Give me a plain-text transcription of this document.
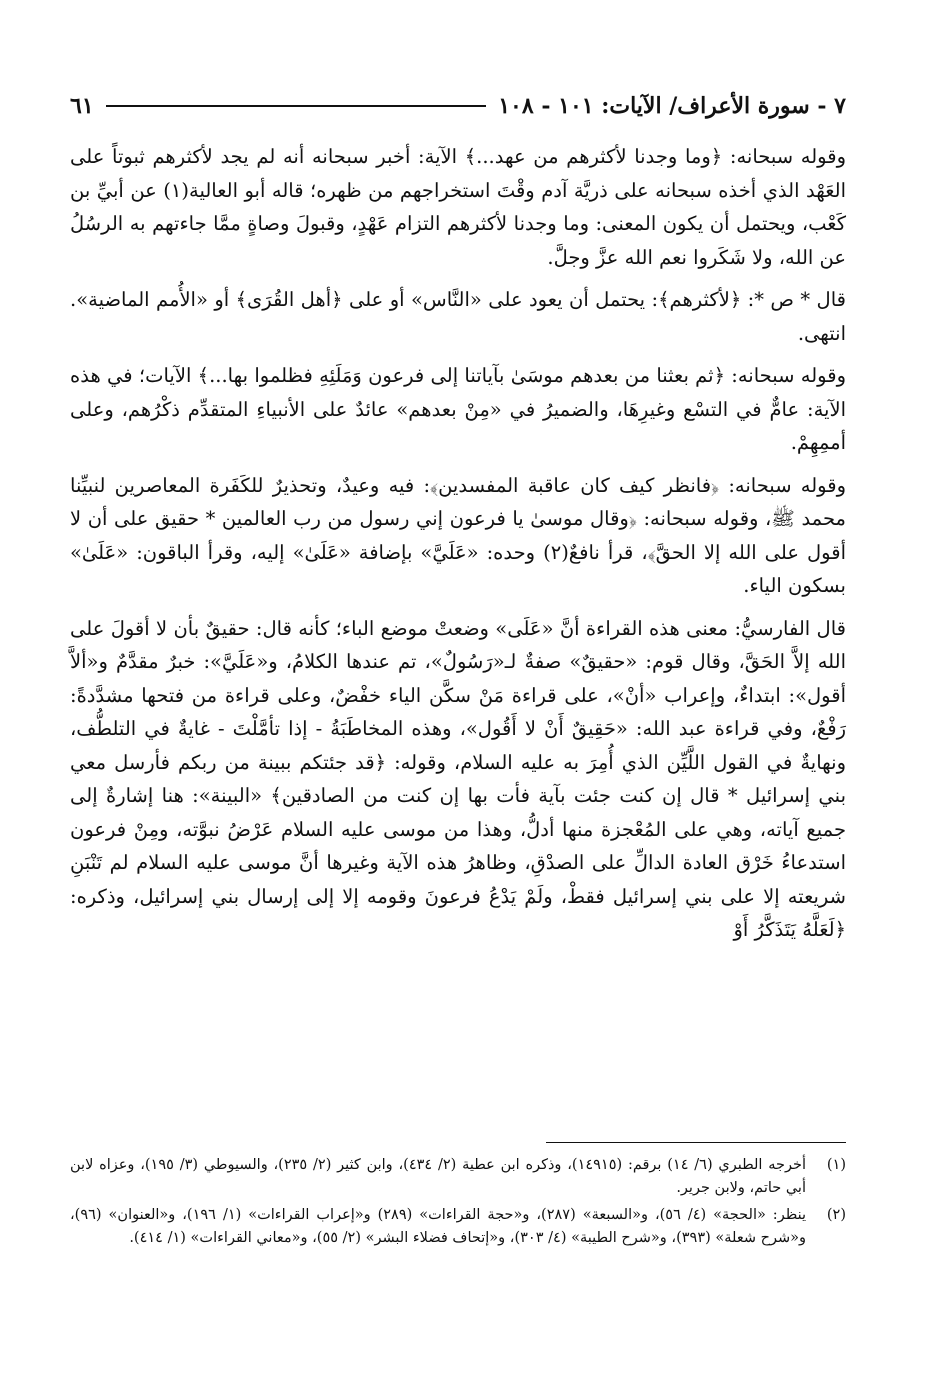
٧ - سورة الأعراف/ الآيات: ١٠١ - ١٠٨
٦١

وقوله سبحانه: ﴿وما وجدنا لأكثرهم من عهد...﴾ الآية: أخبر سبحانه أنه لم يجد لأكثرهم ثبوتاً على العَهْد الذي أخذه سبحانه على ذريَّة آدم وقْتَ استخراجهم من ظهره؛ قاله أبو العالية(١) عن أبيِّ بن كَعْب، ويحتمل أن يكون المعنى: وما وجدنا لأكثرهم التزام عَهْدٍ، وقبولَ وصاةٍ ممَّا جاءتهم به الرسُلُ عن الله، ولا شَكَروا نعم الله عزَّ وجلَّ.

قال * ص *: ﴿لأكثرهم﴾: يحتمل أن يعود على «النَّاس» أو على ﴿أهل القُرَى﴾ أو «الأُمم الماضية». انتهى.

وقوله سبحانه: ﴿ثم بعثنا من بعدهم موسَىٰ بآياتنا إلى فرعون وَمَلَئِهِ فظلموا بها...﴾ الآيات؛ في هذه الآية: عامٌّ في التسْع وغيرِهَا، والضميرُ في «مِنْ بعدهم» عائدٌ على الأنبياءِ المتقدِّم ذكْرُهم، وعلى أممِهِمْ.

وقوله سبحانه: ﴿فانظر كيف كان عاقبة المفسدين﴾: فيه وعيدٌ، وتحذيرٌ للكَفَرة المعاصرين لنبيِّنا محمد ﷺ، وقوله سبحانه: ﴿وقال موسىٰ يا فرعون إني رسول من رب العالمين * حقيق على أن لا أقول على الله إلا الحقَّ﴾، قرأ نافعٌ(٢) وحده: «عَلَيَّ» بإضافة «عَلَىٰ» إليه، وقرأ الباقون: «عَلَىٰ» بسكون الياء.

قال الفارسيُّ: معنى هذه القراءة أنَّ «عَلَى» وضعتْ موضع الباء؛ كأنه قال: حقيقٌ بأن لا أقولَ على الله إلاَّ الحَقَّ، وقال قوم: «حقيقٌ» صفةٌ لـ«رَسُولٌ»، تم عندها الكلامُ، و«عَلَيَّ»: خبرٌ مقدَّمٌ و«ألاَّ أقول»: ابتداءٌ، وإعراب «أنْ»، على قراءة مَنْ سكَّن الياء خفْضٌ، وعلى قراءة من فتحها مشدَّدةً: رَفْعٌ، وفي قراءة عبد الله: «حَقِيقٌ أَنْ لا أَقُول»، وهذه المخاطَبَةُ - إذا تأمَّلْتَ - غايةٌ في التلطُّف، ونهايةٌ في القول اللَّيِّن الذي أُمِرَ به عليه السلام، وقوله: ﴿قد جئتكم ببينة من ربكم فأرسل معي بني إسرائيل * قال إن كنت جئت بآية فأت بها إن كنت من الصادقين﴾ «البينة»: هنا إشارةٌ إلى جميع آياته، وهي على المُعْجزة منها أدلُّ، وهذا من موسى عليه السلام عَرْضُ نبوَّته، ومِنْ فرعون استدعاءُ خَرْق العادة الدالِّ على الصدْقِ، وظاهرُ هذه الآية وغيرها أنَّ موسى عليه السلام لم تَنْبَنِ شريعته إلا على بني إسرائيل فقطْ، ولَمْ يَدْعُ فرعونَ وقومه إلا إلى إرسال بني إسرائيل، وذكره: ﴿لَعَلَّهُ يَتَذَكَّرُ أَوْ

(١)
أخرجه الطبري (٦/ ١٤) برقم: (١٤٩١٥)، وذكره ابن عطية (٢/ ٤٣٤)، وابن كثير (٢/ ٢٣٥)، والسيوطي (٣/ ١٩٥)، وعزاه لابن أبي حاتم، ولابن جرير.
(٢)
ينظر: «الحجة» (٤/ ٥٦)، و«السبعة» (٢٨٧)، و«حجة القراءات» (٢٨٩) و«إعراب القراءات» (١/ ١٩٦)، و«العنوان» (٩٦)، و«شرح شعلة» (٣٩٣)، و«شرح الطيبة» (٤/ ٣٠٣)، و«إتحاف فضلاء البشر» (٢/ ٥٥)، و«معاني القراءات» (١/ ٤١٤).
